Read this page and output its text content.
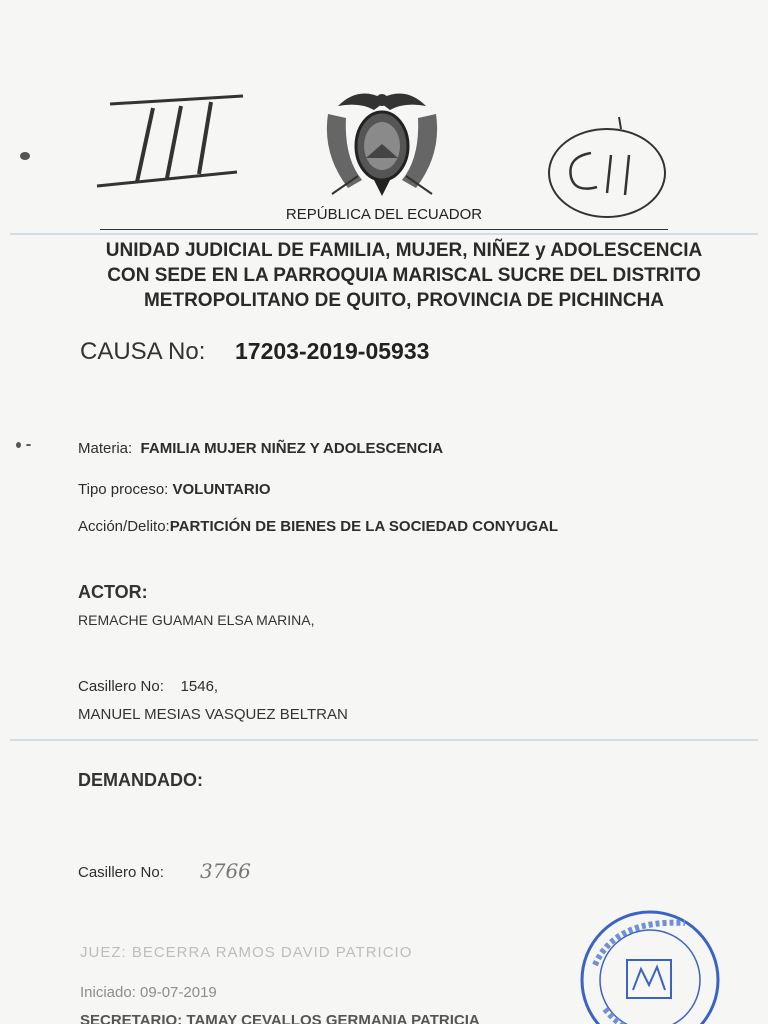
REPÚBLICA DEL ECUADOR
UNIDAD JUDICIAL DE FAMILIA, MUJER, NIÑEZ y ADOLESCENCIA
CON SEDE EN LA PARROQUIA MARISCAL SUCRE DEL DISTRITO
METROPOLITANO DE QUITO, PROVINCIA DE PICHINCHA
CAUSA No: 17203-2019-05933
Materia: FAMILIA MUJER NIÑEZ Y ADOLESCENCIA
Tipo proceso: VOLUNTARIO
Acción/Delito:PARTICIÓN DE BIENES DE LA SOCIEDAD CONYUGAL
ACTOR:
REMACHE GUAMAN ELSA MARINA,
Casillero No: 1546,
MANUEL MESIAS VASQUEZ BELTRAN
DEMANDADO:
Casillero No: 3766
JUEZ: BECERRA RAMOS DAVID PATRICIO
Iniciado: 09-07-2019
SECRETARIO: TAMAY CEVALLOS GERMANIA PATRICIA
